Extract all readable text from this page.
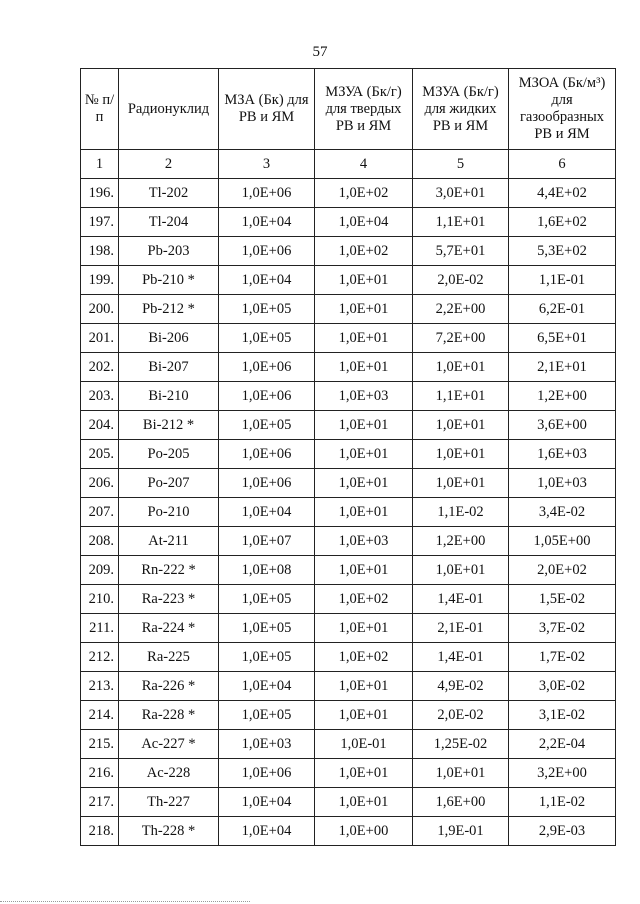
57
№ п/п	Радионуклид	МЗА (Бк) для РВ и ЯМ	МЗУА (Бк/г) для твердых РВ и ЯМ	МЗУА (Бк/г) для жидких РВ и ЯМ	МЗОА (Бк/м³) для газообразных РВ и ЯМ
1	2	3	4	5	6
196.	Tl-202	1,0E+06	1,0E+02	3,0E+01	4,4E+02
197.	Tl-204	1,0E+04	1,0E+04	1,1E+01	1,6E+02
198.	Pb-203	1,0E+06	1,0E+02	5,7E+01	5,3E+02
199.	Pb-210 *	1,0E+04	1,0E+01	2,0E-02	1,1E-01
200.	Pb-212 *	1,0E+05	1,0E+01	2,2E+00	6,2E-01
201.	Bi-206	1,0E+05	1,0E+01	7,2E+00	6,5E+01
202.	Bi-207	1,0E+06	1,0E+01	1,0E+01	2,1E+01
203.	Bi-210	1,0E+06	1,0E+03	1,1E+01	1,2E+00
204.	Bi-212 *	1,0E+05	1,0E+01	1,0E+01	3,6E+00
205.	Po-205	1,0E+06	1,0E+01	1,0E+01	1,6E+03
206.	Po-207	1,0E+06	1,0E+01	1,0E+01	1,0E+03
207.	Po-210	1,0E+04	1,0E+01	1,1E-02	3,4E-02
208.	At-211	1,0E+07	1,0E+03	1,2E+00	1,05E+00
209.	Rn-222 *	1,0E+08	1,0E+01	1,0E+01	2,0E+02
210.	Ra-223 *	1,0E+05	1,0E+02	1,4E-01	1,5E-02
211.	Ra-224 *	1,0E+05	1,0E+01	2,1E-01	3,7E-02
212.	Ra-225	1,0E+05	1,0E+02	1,4E-01	1,7E-02
213.	Ra-226 *	1,0E+04	1,0E+01	4,9E-02	3,0E-02
214.	Ra-228 *	1,0E+05	1,0E+01	2,0E-02	3,1E-02
215.	Ac-227 *	1,0E+03	1,0E-01	1,25E-02	2,2E-04
216.	Ac-228	1,0E+06	1,0E+01	1,0E+01	3,2E+00
217.	Th-227	1,0E+04	1,0E+01	1,6E+00	1,1E-02
218.	Th-228 *	1,0E+04	1,0E+00	1,9E-01	2,9E-03
